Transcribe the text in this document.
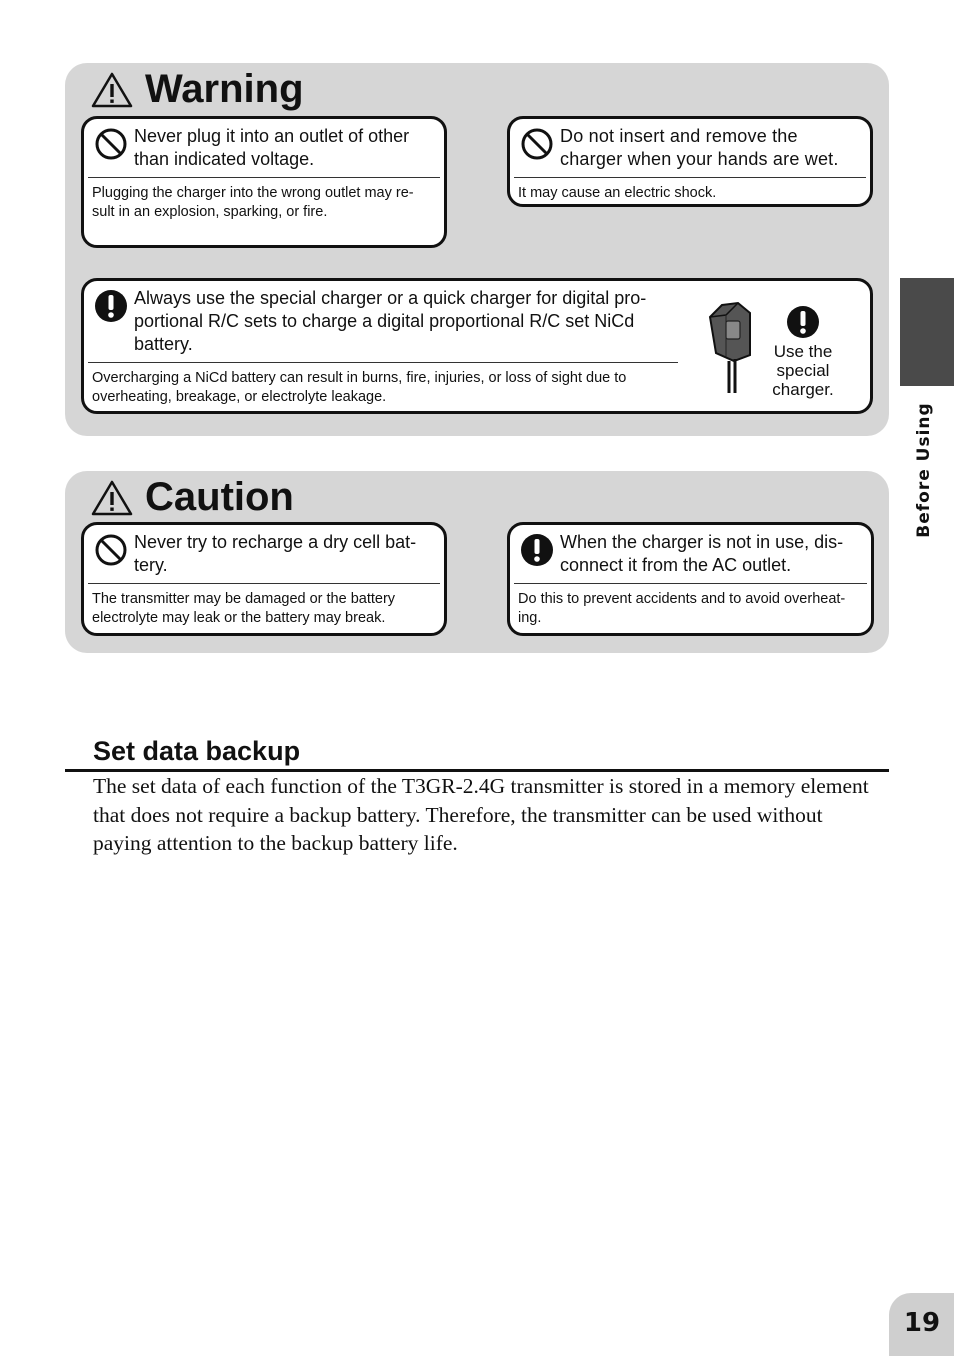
Warning
Never plug it into an outlet of other than indicated voltage.
Plugging the charger into the wrong outlet may re-sult in an explosion, sparking, or fire.
Do not insert and remove the charger when your hands are wet.
It may cause an electric shock.
Always use the special charger or a quick charger for digital pro-portional R/C sets to charge a digital proportional R/C set NiCd battery.
Overcharging a NiCd battery can result in burns, fire, injuries, or loss of sight due to overheating, breakage, or electrolyte leakage.
Use the special charger.
Caution
Never try to recharge a dry cell bat-tery.
The transmitter may be damaged or the battery electrolyte may leak or the battery may break.
When the charger is not in use, dis-connect it from the AC outlet.
Do this to prevent accidents and to avoid overheat-ing.
Before Using
Set data backup
The set data of each function of the T3GR-2.4G transmitter is stored in a memory element that does not require a backup battery. Therefore, the transmitter can be used without paying attention to the backup battery life.
19
